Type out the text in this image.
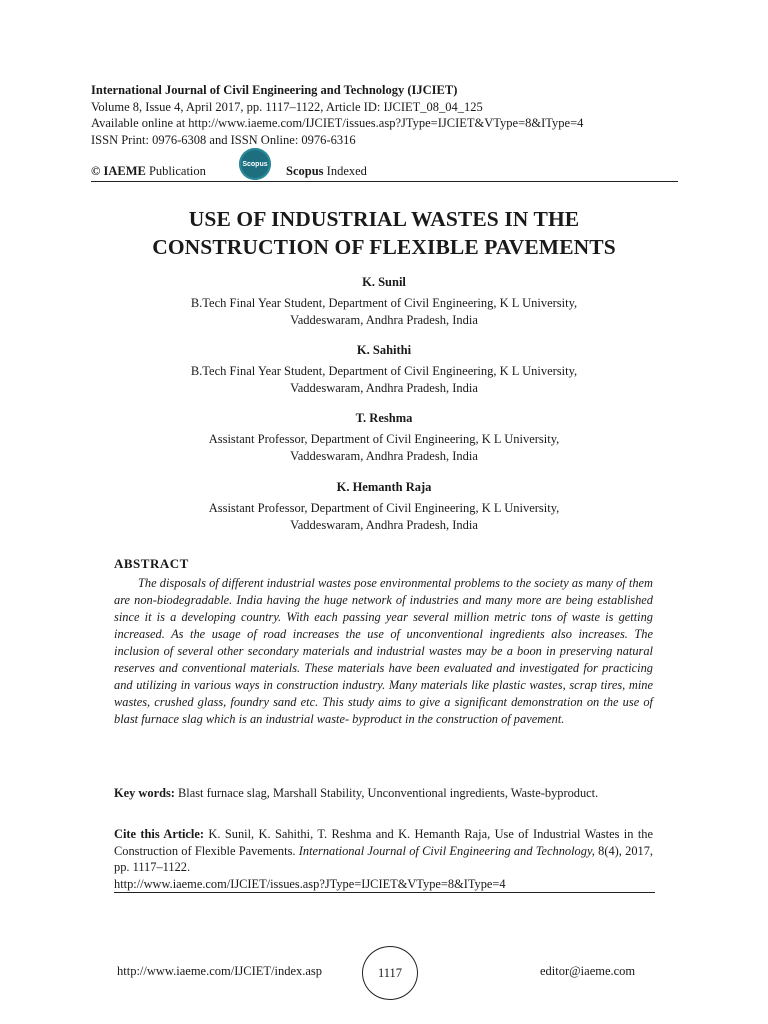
International Journal of Civil Engineering and Technology (IJCIET)
Volume 8, Issue 4, April 2017, pp. 1117–1122, Article ID: IJCIET_08_04_125
Available online at http://www.iaeme.com/IJCIET/issues.asp?JType=IJCIET&VType=8&IType=4
ISSN Print: 0976-6308 and ISSN Online: 0976-6316
© IAEME Publication	Scopus Scopus Indexed
USE OF INDUSTRIAL WASTES IN THE
CONSTRUCTION OF FLEXIBLE PAVEMENTS
K. Sunil
B.Tech Final Year Student, Department of Civil Engineering, K L University,
Vaddeswaram, Andhra Pradesh, India
K. Sahithi
B.Tech Final Year Student, Department of Civil Engineering, K L University,
Vaddeswaram, Andhra Pradesh, India
T. Reshma
Assistant Professor, Department of Civil Engineering, K L University,
Vaddeswaram, Andhra Pradesh, India
K. Hemanth Raja
Assistant Professor, Department of Civil Engineering, K L University,
Vaddeswaram, Andhra Pradesh, India
ABSTRACT

The disposals of different industrial wastes pose environmental problems to the society as many of them are non-biodegradable. India having the huge network of industries and many more are being established since it is a developing country. With each passing year several million metric tons of waste is getting increased. As the usage of road increases the use of unconventional ingredients also increases. The inclusion of several other secondary materials and industrial wastes may be a boon in preserving natural reserves and conventional materials. These materials have been evaluated and investigated for practicing and utilizing in various ways in construction industry. Many materials like plastic wastes, scrap tires, mine wastes, crushed glass, foundry sand etc. This study aims to give a significant demonstration on the use of blast furnace slag which is an industrial waste- byproduct in the construction of pavement.

Key words: Blast furnace slag, Marshall Stability, Unconventional ingredients, Waste-byproduct.

Cite this Article: K. Sunil, K. Sahithi, T. Reshma and K. Hemanth Raja, Use of Industrial Wastes in the Construction of Flexible Pavements. International Journal of Civil Engineering and Technology, 8(4), 2017, pp. 1117–1122.
http://www.iaeme.com/IJCIET/issues.asp?JType=IJCIET&VType=8&IType=4

http://www.iaeme.com/IJCIET/index.asp	1117	editor@iaeme.com
